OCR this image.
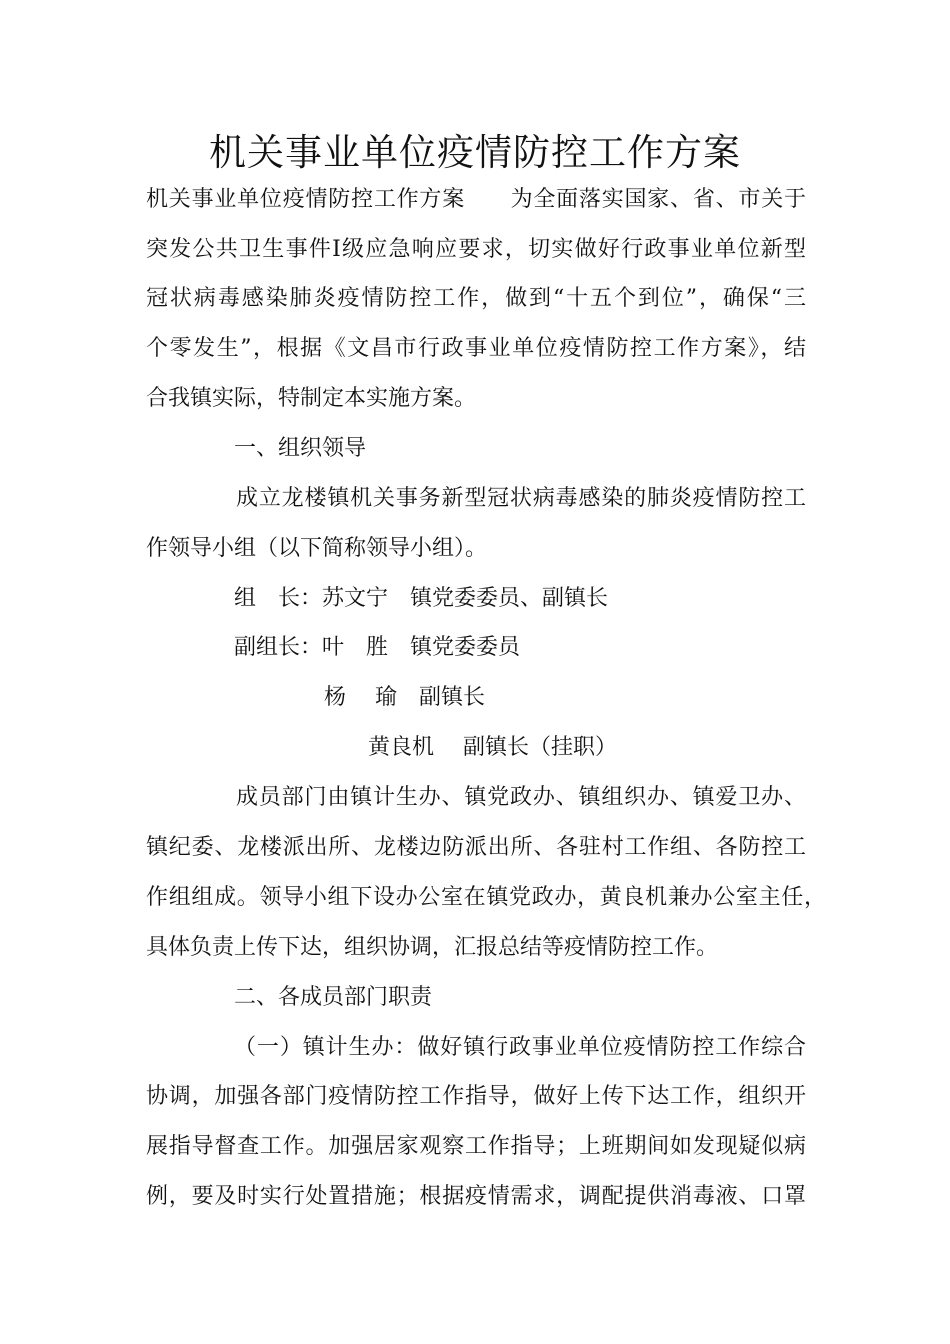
机关事业单位疫情防控工作方案

机关事业单位疫情防控工作方案　　为全面落实国家、省、市关于

突发公共卫生事件Ⅰ级应急响应要求，切实做好行政事业单位新型

冠状病毒感染肺炎疫情防控工作，做到“十五个到位”，确保“三

个零发生”，根据《文昌市行政事业单位疫情防控工作方案》，结

合我镇实际，特制定本实施方案。

一、组织领导

成立龙楼镇机关事务新型冠状病毒感染的肺炎疫情防控工

作领导小组（以下简称领导小组）。

组　长：苏文宁　镇党委委员、副镇长

副组长：叶　胜　镇党委委员

杨　 瑜　副镇长

黄良机　 副镇长（挂职）

成员部门由镇计生办、镇党政办、镇组织办、镇爱卫办、

镇纪委、龙楼派出所、龙楼边防派出所、各驻村工作组、各防控工

作组组成。领导小组下设办公室在镇党政办，黄良机兼办公室主任，

具体负责上传下达，组织协调，汇报总结等疫情防控工作。

二、各成员部门职责

（一）镇计生办：做好镇行政事业单位疫情防控工作综合

协调，加强各部门疫情防控工作指导，做好上传下达工作，组织开

展指导督查工作。加强居家观察工作指导；上班期间如发现疑似病

例，要及时实行处置措施；根据疫情需求，调配提供消毒液、口罩
